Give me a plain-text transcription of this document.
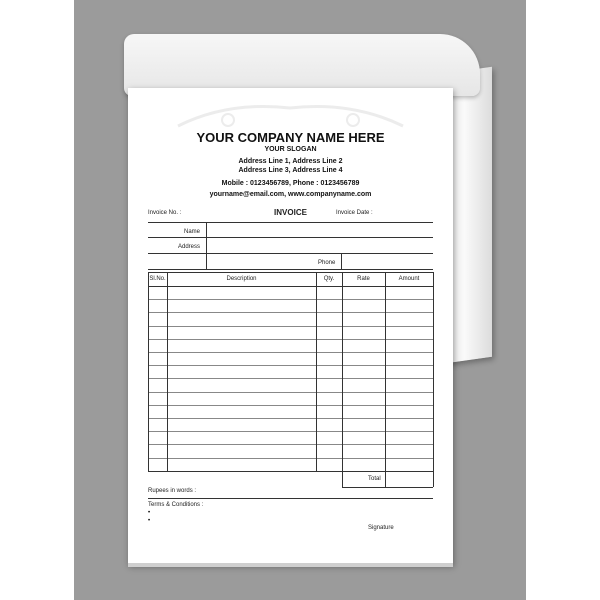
YOUR COMPANY NAME HERE
YOUR SLOGAN
Address Line 1, Address Line 2
Address Line 3, Address Line 4
Mobile : 0123456789, Phone : 0123456789
yourname@email.com, www.companyname.com
Invoice No. :	INVOICE	Invoice Date :
Name
Address
Phone
Sl.No.	Description	Qty.	Rate	Amount
Total
Rupees in words :
Terms & Conditions :
•
•
Signature
